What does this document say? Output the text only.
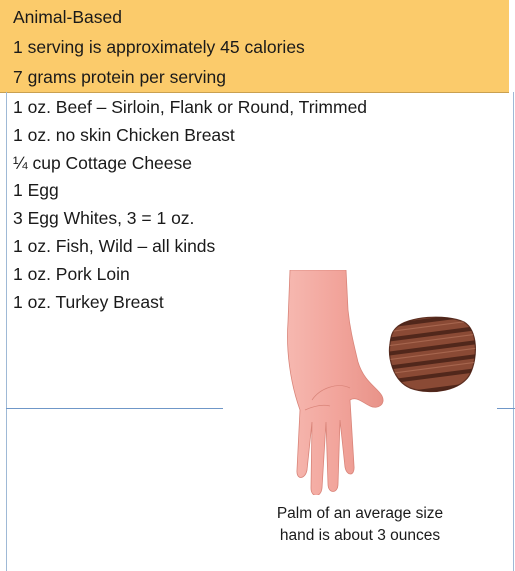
Animal-Based
1 serving is approximately 45 calories
7 grams protein per serving
1 oz. Beef – Sirloin, Flank or Round, Trimmed
1 oz. no skin Chicken Breast
¼ cup Cottage Cheese
1 Egg
3 Egg Whites, 3 = 1 oz.
1 oz. Fish, Wild – all kinds
1 oz. Pork Loin
1 oz. Turkey Breast
Palm of an average size
hand is about 3 ounces
